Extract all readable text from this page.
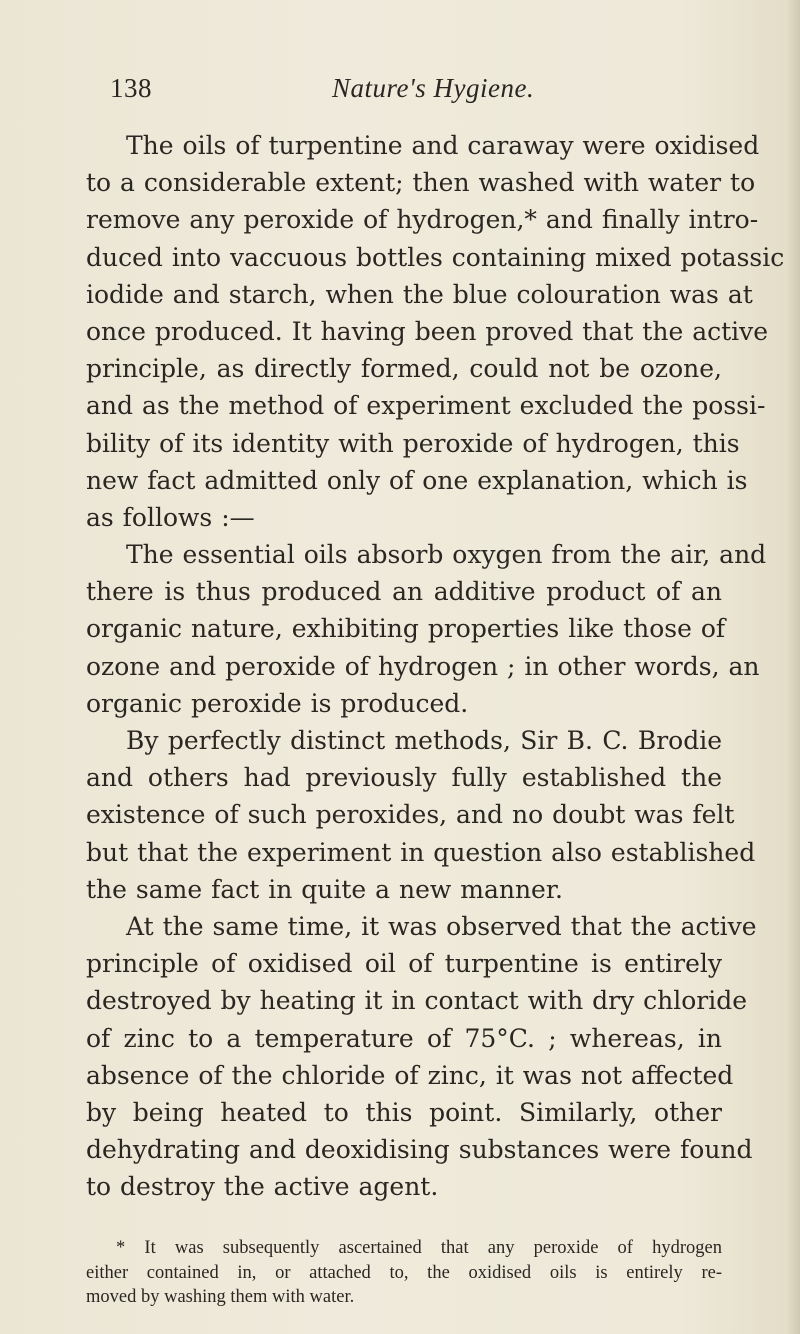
138	Nature's Hygiene.
The oils of turpentine and caraway were oxidised
to a considerable extent; then washed with water to
remove any peroxide of hydrogen,* and finally intro-
duced into vaccuous bottles containing mixed potassic
iodide and starch, when the blue colouration was at
once produced. It having been proved that the active
principle, as directly formed, could not be ozone,
and as the method of experiment excluded the possi-
bility of its identity with peroxide of hydrogen, this
new fact admitted only of one explanation, which is
as follows :—
The essential oils absorb oxygen from the air, and
there is thus produced an additive product of an
organic nature, exhibiting properties like those of
ozone and peroxide of hydrogen ; in other words, an
organic peroxide is produced.
By perfectly distinct methods, Sir B. C. Brodie
and others had previously fully established the
existence of such peroxides, and no doubt was felt
but that the experiment in question also established
the same fact in quite a new manner.
At the same time, it was observed that the active
principle of oxidised oil of turpentine is entirely
destroyed by heating it in contact with dry chloride
of zinc to a temperature of 75°C. ; whereas, in
absence of the chloride of zinc, it was not affected
by being heated to this point. Similarly, other
dehydrating and deoxidising substances were found
to destroy the active agent.
* It was subsequently ascertained that any peroxide of hydrogen
either contained in, or attached to, the oxidised oils is entirely re-
moved by washing them with water.
